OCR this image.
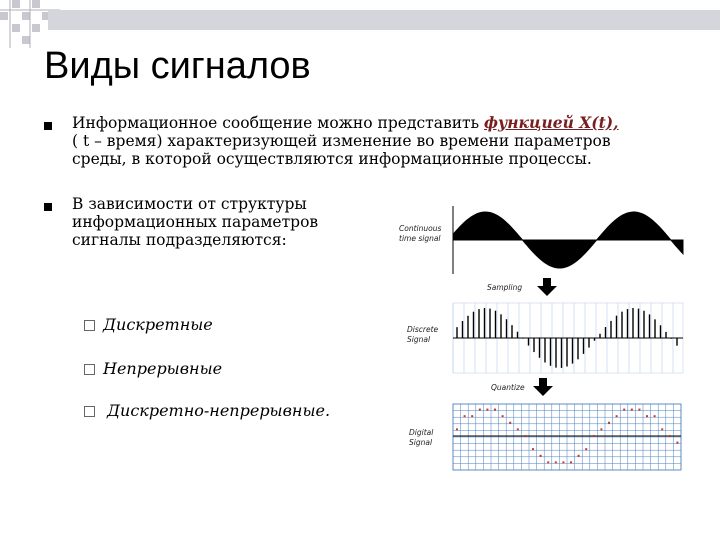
Виды сигналов
Информационное сообщение можно представить функцией X(t),
( t – время) характеризующей изменение во времени параметров
среды, в которой осуществляются информационные процессы.
В зависимости от структуры
информационных параметров
сигналы подразделяются:
Дискретные
Непрерывные
Дискретно-непрерывные.
Continuous
time signal
Sampling
Discrete
Signal
Quantize
Digital
Signal
